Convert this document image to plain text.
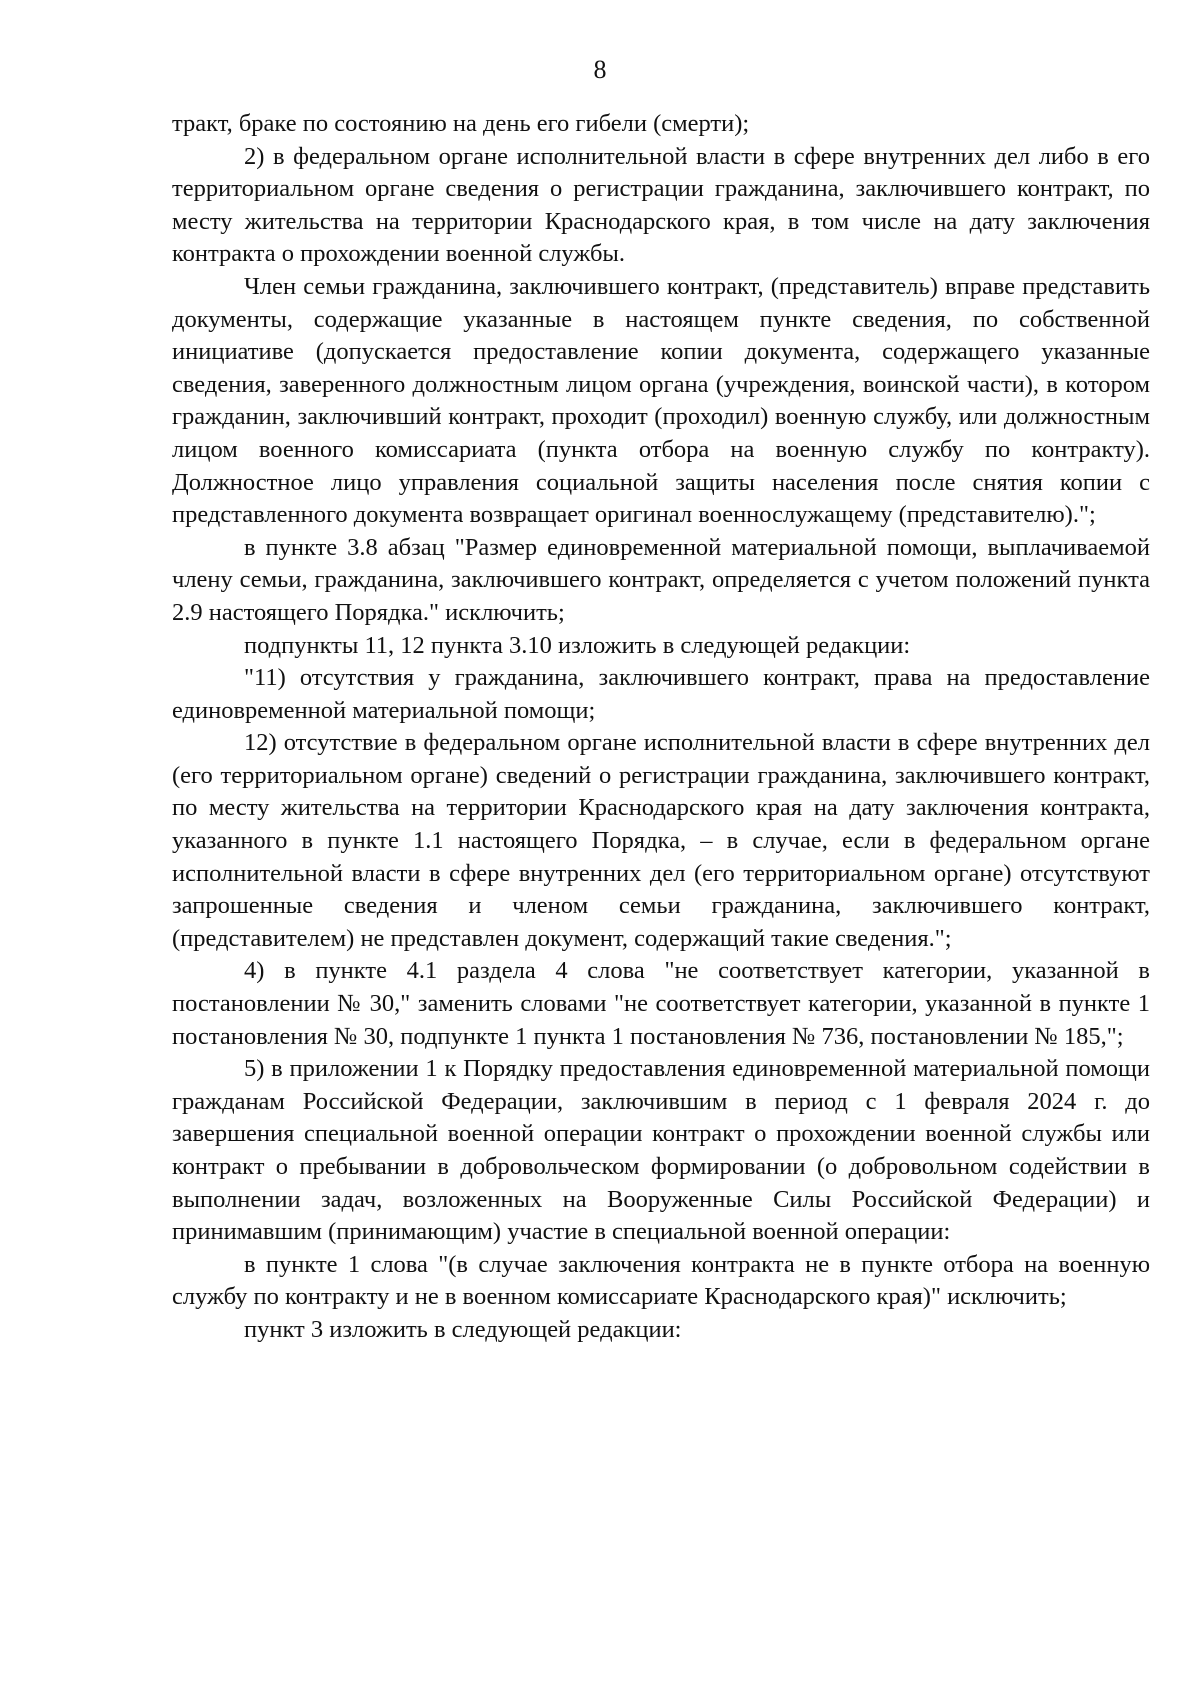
8

тракт, браке по состоянию на день его гибели (смерти);

2) в федеральном органе исполнительной власти в сфере внутренних дел либо в его территориальном органе сведения о регистрации гражданина, заключившего контракт, по месту жительства на территории Краснодарского края, в том числе на дату заключения контракта о прохождении военной службы.

Член семьи гражданина, заключившего контракт, (представитель) вправе представить документы, содержащие указанные в настоящем пункте сведения, по собственной инициативе (допускается предоставление копии документа, содержащего указанные сведения, заверенного должностным лицом органа (учреждения, воинской части), в котором гражданин, заключивший контракт, проходит (проходил) военную службу, или должностным лицом военного комиссариата (пункта отбора на военную службу по контракту). Должностное лицо управления социальной защиты населения после снятия копии с представленного документа возвращает оригинал военнослужащему (представителю).";

в пункте 3.8 абзац "Размер единовременной материальной помощи, выплачиваемой члену семьи, гражданина, заключившего контракт, определяется с учетом положений пункта 2.9 настоящего Порядка." исключить;

подпункты 11, 12 пункта 3.10 изложить в следующей редакции:

"11) отсутствия у гражданина, заключившего контракт, права на предоставление единовременной материальной помощи;

12) отсутствие в федеральном органе исполнительной власти в сфере внутренних дел (его территориальном органе) сведений о регистрации гражданина, заключившего контракт, по месту жительства на территории Краснодарского края на дату заключения контракта, указанного в пункте 1.1 настоящего Порядка, – в случае, если в федеральном органе исполнительной власти в сфере внутренних дел (его территориальном органе) отсутствуют запрошенные сведения и членом семьи гражданина, заключившего контракт, (представителем) не представлен документ, содержащий такие сведения.";

4) в пункте 4.1 раздела 4 слова "не соответствует категории, указанной в постановлении № 30," заменить словами "не соответствует категории, указанной в пункте 1 постановления № 30, подпункте 1 пункта 1 постановления № 736, постановлении № 185,";

5) в приложении 1 к Порядку предоставления единовременной материальной помощи гражданам Российской Федерации, заключившим в период с 1 февраля 2024 г. до завершения специальной военной операции контракт о прохождении военной службы или контракт о пребывании в добровольческом формировании (о добровольном содействии в выполнении задач, возложенных на Вооруженные Силы Российской Федерации) и принимавшим (принимающим) участие в специальной военной операции:

в пункте 1 слова "(в случае заключения контракта не в пункте отбора на военную службу по контракту и не в военном комиссариате Краснодарского края)" исключить;

пункт 3 изложить в следующей редакции:
